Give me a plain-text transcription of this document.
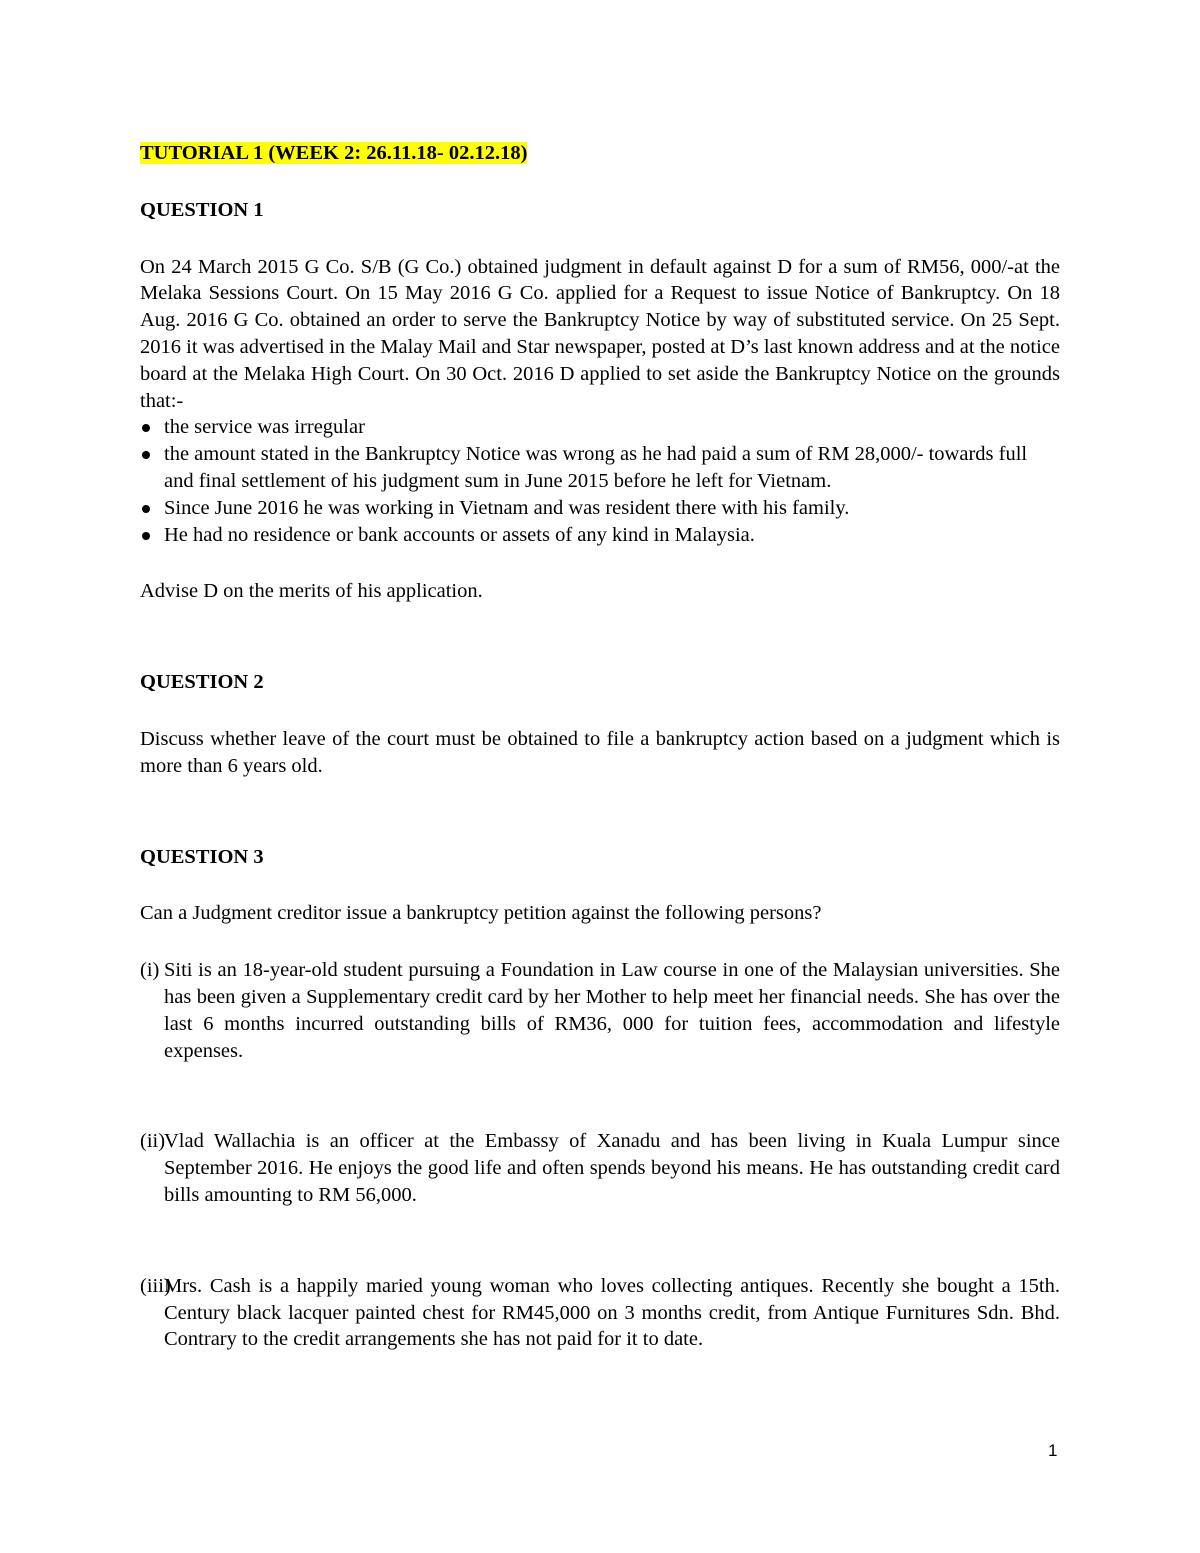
TUTORIAL 1 (WEEK 2: 26.11.18- 02.12.18)

QUESTION 1

On 24 March 2015 G Co. S/B (G Co.) obtained judgment in default against D for a sum of RM56, 000/-at the Melaka Sessions Court. On 15 May 2016 G Co. applied for a Request to issue Notice of Bankruptcy. On 18 Aug. 2016 G Co. obtained an order to serve the Bankruptcy Notice by way of substituted service. On 25 Sept. 2016 it was advertised in the Malay Mail and Star newspaper, posted at D’s last known address and at the notice board at the Melaka High Court. On 30 Oct. 2016 D applied to set aside the Bankruptcy Notice on the grounds that:-

the service was irregular
the amount stated in the Bankruptcy Notice was wrong as he had paid a sum of RM 28,000/- towards full and final settlement of his judgment sum in June 2015 before he left for Vietnam.
Since June 2016 he was working in Vietnam and was resident there with his family.
He had no residence or bank accounts or assets of any kind in Malaysia.

Advise D on the merits of his application.

QUESTION 2

Discuss whether leave of the court must be obtained to file a bankruptcy action based on a judgment which is more than 6 years old.

QUESTION 3

Can a Judgment creditor issue a bankruptcy petition against the following persons?

(i) Siti is an 18-year-old student pursuing a Foundation in Law course in one of the Malaysian universities. She has been given a Supplementary credit card by her Mother to help meet her financial needs. She has over the last 6 months incurred outstanding bills of RM36, 000 for tuition fees, accommodation and lifestyle expenses.
(ii)
Vlad Wallachia is an officer at the Embassy of Xanadu and has been living in Kuala Lumpur since September 2016. He enjoys the good life and often spends beyond his means. He has outstanding credit card bills amounting to RM 56,000.
(iii)
Mrs. Cash is a happily maried young woman who loves collecting antiques. Recently she bought a 15th. Century black lacquer painted chest for RM45,000 on 3 months credit, from Antique Furnitures Sdn. Bhd. Contrary to the credit arrangements she has not paid for it to date.
1
